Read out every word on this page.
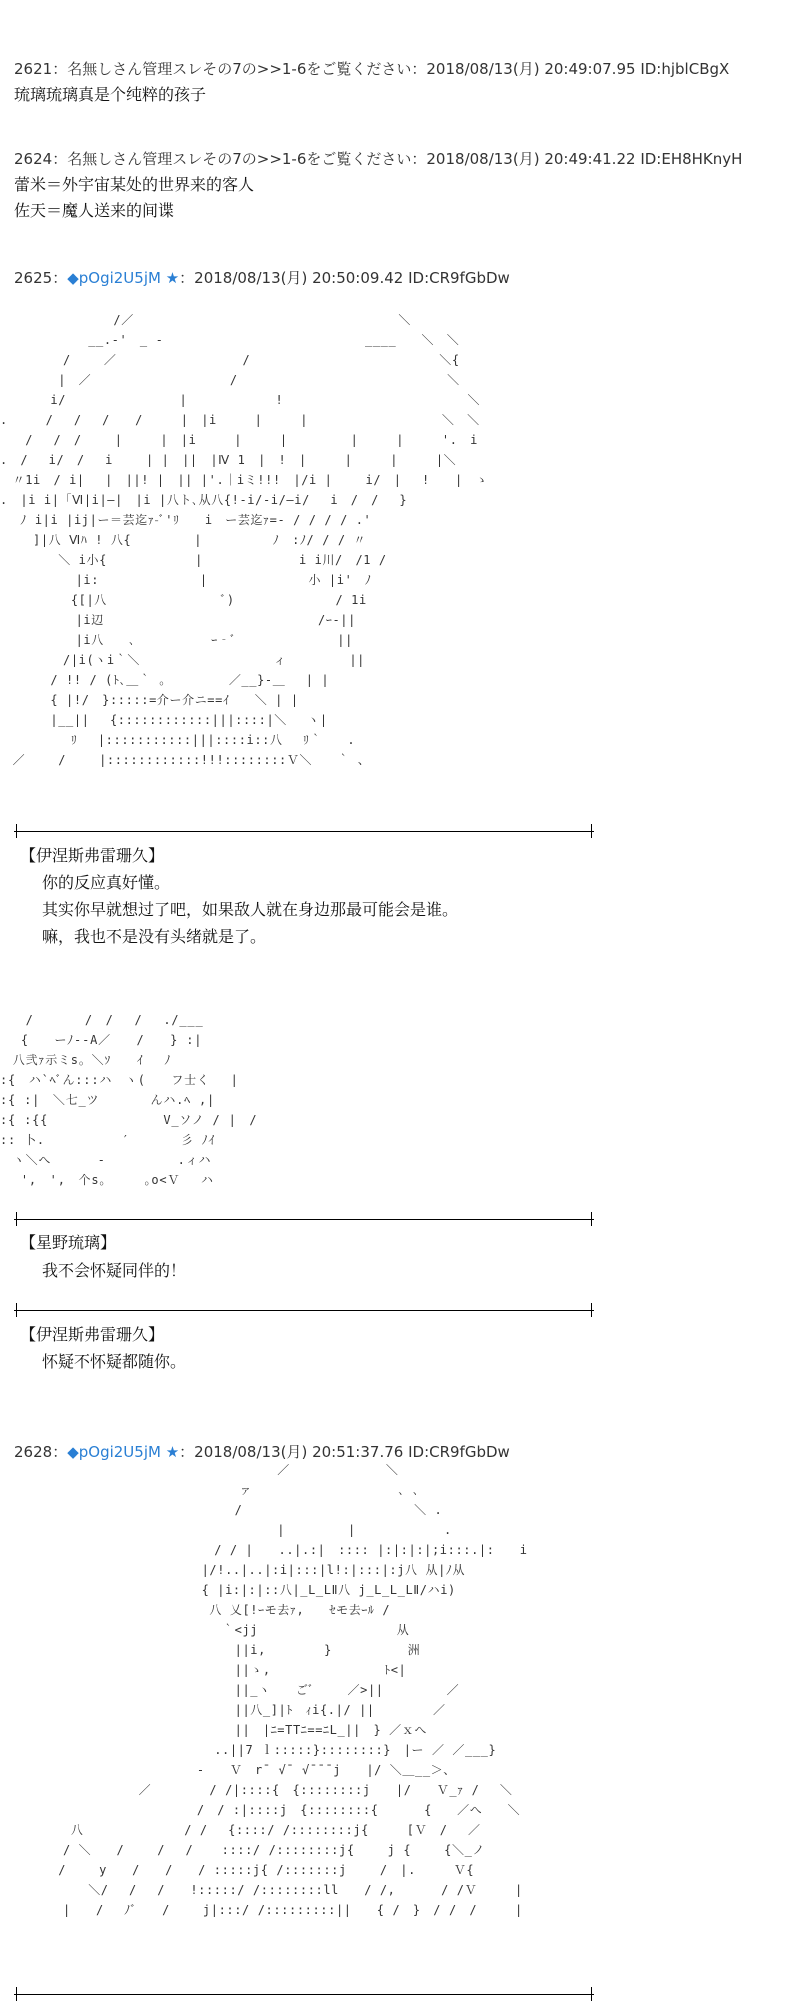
2621：名無しさん管理スレその7の>>1-6をご覧ください：2018/08/13(月) 20:49:07.95 ID:hjblCBgX
琉璃琉璃真是个纯粹的孩子
2624：名無しさん管理スレその7の>>1-6をご覧ください：2018/08/13(月) 20:49:41.22 ID:EH8HKnyH
蕾米＝外宇宙某处的世界来的客人
佐天＝魔人送来的间谍
2625：◆pOgi2U5jM ★：2018/08/13(月) 20:50:09.42 ID:CR9fGbDw
　　　　　　　　　/／　　　　　　　　　　　　　　　　　　　　　＼
　　　　　　　__.-'　_ -　　　　　　　　　　　　　　　　____　　＼　＼
　　　　　/　　 ／　　　　　　　　　　/　　　　　　　　　　　　　　　＼{
　　　　 |　／　　　　　　　　　　　/　　　　　　　　　　　　　　　　 ＼
　　　　i/　　　　　　　　　|　　　　　　　!　　　　　　　　　　　　　　 ＼
.　　　/　 /　 /　　/　　　|　|i　　　|　　　|　　　　　　　　　　 ＼　＼
　　/　 /　/　　 |　　　|　|i　　　|　　　|　　　　　|　　　|　　　'.　i
.　/　 i/　/　 i　　 | |　||　|Ⅳ 1　|　!　|　　　|　　　|　　　|＼
　〃1i　/ i|　 |　||! |　|| |'.｜iミ!!!　|/i |　　 i/　|　 !　　|　ゝ
.　|i i|「Ⅵ|i|―|　|i |八ト､从八{!-i/-i/―i/　 i　/　/　 }
　 ﾉ i|i |ij|ー＝芸迄ｧ-ﾞ'ﾘ　　i　ー芸迄ｧ=- / / / / .'
　　 ]|八 Ⅵﾊ ! 八{　　　　　|　　　　　 ﾉ　:ﾉ/ / / 〃
　　　　 ＼ i小{　　　　　　　|　　　　　　 　i i川/　/1 /
　　　　　　|i:　　　　　　　　|　　　　　　　　小 |i'　ﾉ
　　　　　 {[|八　　　　　　　　　ﾞ)　　　　　　　　/ 1i
　　　　　　|i辺　　　　　　　　　　　　　　　　　/ｰ-||
　　　　　　|i八　　､　　　　　　ｰ‐ﾞ　　　　　　　　||
　　　　　/|i(ヽi｀＼　　　　　　　　　　 ィ　　　　　||
　　　　/ !! / (ﾄ､＿｀ 。　　　　　／__}-＿　 | |
　　　　{ |!/　}:::::=介ー介ニ==ｲ　　＼ | |
　　　　|__||　 {::::::::::::|||::::|＼　 ヽ|
　　　　　 ﾘ　 |:::::::::::|||::::i::八　 ﾘ｀　　.
　／　　 /　　 |::::::::::::!!!::::::::Ｖ＼　　｀ 、
【伊涅斯弗雷珊久】
你的反应真好懂。
其实你早就想过了吧，如果敌人就在身边那最可能会是谁。
嘛，我也不是没有头绪就是了。
　　/　　　　/　/　 /　 ./___
　 {　　ーﾉ-‐A／　　/　　} :|
　八弐ｧ示ミs。＼ｿ　　ｲ　 ﾉ
:{　ハ`ﾍﾞん:::ハ　ヽ(　　フ士く　 |
:{ :|　＼七_ツ　　　　んハ.ﾍ ,|
:{ :{{　　　　　　　　　V_ソノ / |　/
:: 卜.　　　　　　′　　　　彡 ﾉｲ
　ヽ＼へ　　　 -　　　　　 .ィハ
　 ',　',　个s｡　　　｡o<Ｖ　 ハ
【星野琉璃】
我不会怀疑同伴的！
【伊涅斯弗雷珊久】
怀疑不怀疑都随你。
2628：◆pOgi2U5jM ★：2018/08/13(月) 20:51:37.76 ID:CR9fGbDw
　　　　　　　　　　　　　　　　　　　　　　／　　　　　　　 ＼
　　　　　　　　　　　　　　　　　　　ァ　　　　　　　　　　　 ､ ､
　　　　　　　　　　　　　　　　　　 /　　　　　　　　　　　　　 ＼ .
　　　　　　　　　　　　　　　　　　　　　　|　　　　　|　　　　　　　.
　　　　　　　　　　　　　　　　　/ / |　　..|.:|　:::: |:|:|:|;i:::.|:　　i
　　　　　　　　　　　　　　　　|/!..|..|:i|:::|l!:|:::|:j八 从|ﾉ从
　　　　　　　　　　　　　　　　{ |i:|:|::八|_L_LⅡ八 j_L_L_LⅡ/ハi)
　　　　　　　　　　　　　　　　 八 乂[!ｰモ去ｧ,　　ｾモ去ｰﾙ /
　　　　　　　　　　　　　　　　　 ｀<jj　　　　　　　　　　　从
　　　　　　　　　　　　　　　　　　 ||i,　　　　 }　　　　　　洲
　　　　　　　　　　　　　　　　　　 ||ゝ,　　　　　　　　　ﾄ<|
　　　　　　　　　　　　　　　　　　 ||_ヽ　　ごﾞ　　 ／>||　　　　　／
　　　　　　　　　　　　　　　　　　 ||八_]|ﾄ　ｨi{.|/ ||　　　　 ／
　　　　　　　　　　　　　　　　　　 ||　|ﾆ=TTﾆ==ﾆL_||　} ／ｘへ
　　　　　　　　　　　　　　　　　..||7 ｌ:::::}::::::::}　|ー ／ ／___}
　　　　　　　　　　　　　　　 -　　Ｖ　r¯ √¯ √¯¯¯j　　|/ ＼＿__＞、
　　　　　　　　　　　／　　　　 / /|::::{　{::::::::j　　|/　　Ｖ_ｧ /　 ＼
　　　　　　　　　　　　　　　 /　/ :|::::j　{::::::::{　　　 {　　／へ　　＼
　　　　　 八　　　　　　　　/ /　 {::::/ /::::::::j{　　　[Ｖ　/　 ／
　　　　　/ ＼　　/　　 /　 / 　 ::::/ /::::::::j{　　 j {　　 {＼_ノ
　　　　 /　　 y　　/　　/　　/ :::::j{ /:::::::j　　 /　|.　　　Ｖ{　
　　　　　　　＼/　 /　 /　　!:::::/ /::::::::ll　　/ /,　 　　/ /Ｖ　　　|
　　　　　|　　/　 ﾉﾞ　　/　　 j|:::/ /:::::::::||　　{ /　}　/ /　/　　　|
